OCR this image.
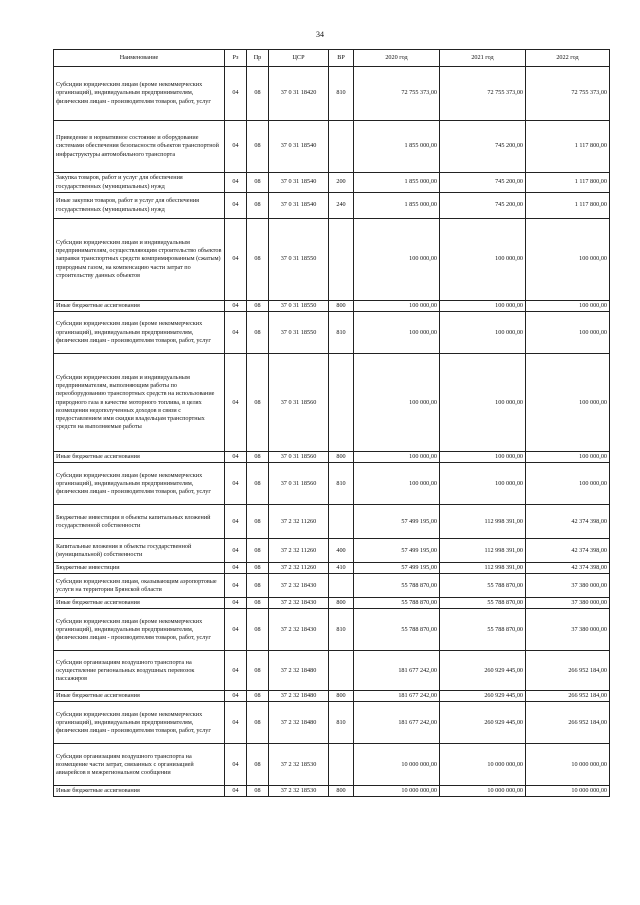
34
Наименование	Рз	Пр	ЦСР	ВР	2020 год	2021 год	2022 год
Субсидии юридическим лицам (кроме некоммерческих организаций), индивидуальным предпринимателям, физическим лицам - производителям товаров, работ, услуг	04	08	37 0 31 18420	810	72 755 373,00	72 755 373,00	72 755 373,00
Приведение в нормативное состояние и оборудование системами обеспечения безопасности объектов транспортной инфраструктуры автомобильного транспорта	04	08	37 0 31 18540		1 855 000,00	745 200,00	1 117 800,00
Закупка товаров, работ и услуг для обеспечения государственных (муниципальных) нужд	04	08	37 0 31 18540	200	1 855 000,00	745 200,00	1 117 800,00
Иные закупки товаров, работ и услуг для обеспечения государственных (муниципальных) нужд	04	08	37 0 31 18540	240	1 855 000,00	745 200,00	1 117 800,00
Субсидии юридическим лицам и индивидуальным предпринимателям, осуществляющим строительство объектов заправки транспортных средств компримированным (сжатым) природным газом, на компенсацию части затрат по строительству данных объектов	04	08	37 0 31 18550		100 000,00	100 000,00	100 000,00
Иные бюджетные ассигнования	04	08	37 0 31 18550	800	100 000,00	100 000,00	100 000,00
Субсидии юридическим лицам (кроме некоммерческих организаций), индивидуальным предпринимателям, физическим лицам - производителям товаров, работ, услуг	04	08	37 0 31 18550	810	100 000,00	100 000,00	100 000,00
Субсидии юридическим лицам и индивидуальным предпринимателям, выполняющим работы по переоборудованию транспортных средств на использование природного газа в качестве моторного топлива, в целях возмещения недополученных доходов в связи с предоставлением ими скидки владельцам транспортных средств на выполняемые работы	04	08	37 0 31 18560		100 000,00	100 000,00	100 000,00
Иные бюджетные ассигнования	04	08	37 0 31 18560	800	100 000,00	100 000,00	100 000,00
Субсидии юридическим лицам (кроме некоммерческих организаций), индивидуальным предпринимателям, физическим лицам - производителям товаров, работ, услуг	04	08	37 0 31 18560	810	100 000,00	100 000,00	100 000,00
Бюджетные инвестиции в объекты капитальных вложений государственной собственности	04	08	37 2 32 11260		57 499 195,00	112 998 391,00	42 374 398,00
Капитальные вложения в объекты государственной (муниципальной) собственности	04	08	37 2 32 11260	400	57 499 195,00	112 998 391,00	42 374 398,00
Бюджетные инвестиции	04	08	37 2 32 11260	410	57 499 195,00	112 998 391,00	42 374 398,00
Субсидии юридическим лицам, оказывающим аэропортовые услуги на территории Брянской области	04	08	37 2 32 18430		55 788 870,00	55 788 870,00	37 380 000,00
Иные бюджетные ассигнования	04	08	37 2 32 18430	800	55 788 870,00	55 788 870,00	37 380 000,00
Субсидии юридическим лицам (кроме некоммерческих организаций), индивидуальным предпринимателям, физическим лицам - производителям товаров, работ, услуг	04	08	37 2 32 18430	810	55 788 870,00	55 788 870,00	37 380 000,00
Субсидии организациям воздушного транспорта на осуществление региональных воздушных перевозок пассажиров	04	08	37 2 32 18480		181 677 242,00	260 929 445,00	266 952 184,00
Иные бюджетные ассигнования	04	08	37 2 32 18480	800	181 677 242,00	260 929 445,00	266 952 184,00
Субсидии юридическим лицам (кроме некоммерческих организаций), индивидуальным предпринимателям, физическим лицам - производителям товаров, работ, услуг	04	08	37 2 32 18480	810	181 677 242,00	260 929 445,00	266 952 184,00
Субсидии организациям воздушного транспорта на возмещение части затрат, связанных с организацией авиарейсов в межрегиональном сообщении	04	08	37 2 32 18530		10 000 000,00	10 000 000,00	10 000 000,00
Иные бюджетные ассигнования	04	08	37 2 32 18530	800	10 000 000,00	10 000 000,00	10 000 000,00
